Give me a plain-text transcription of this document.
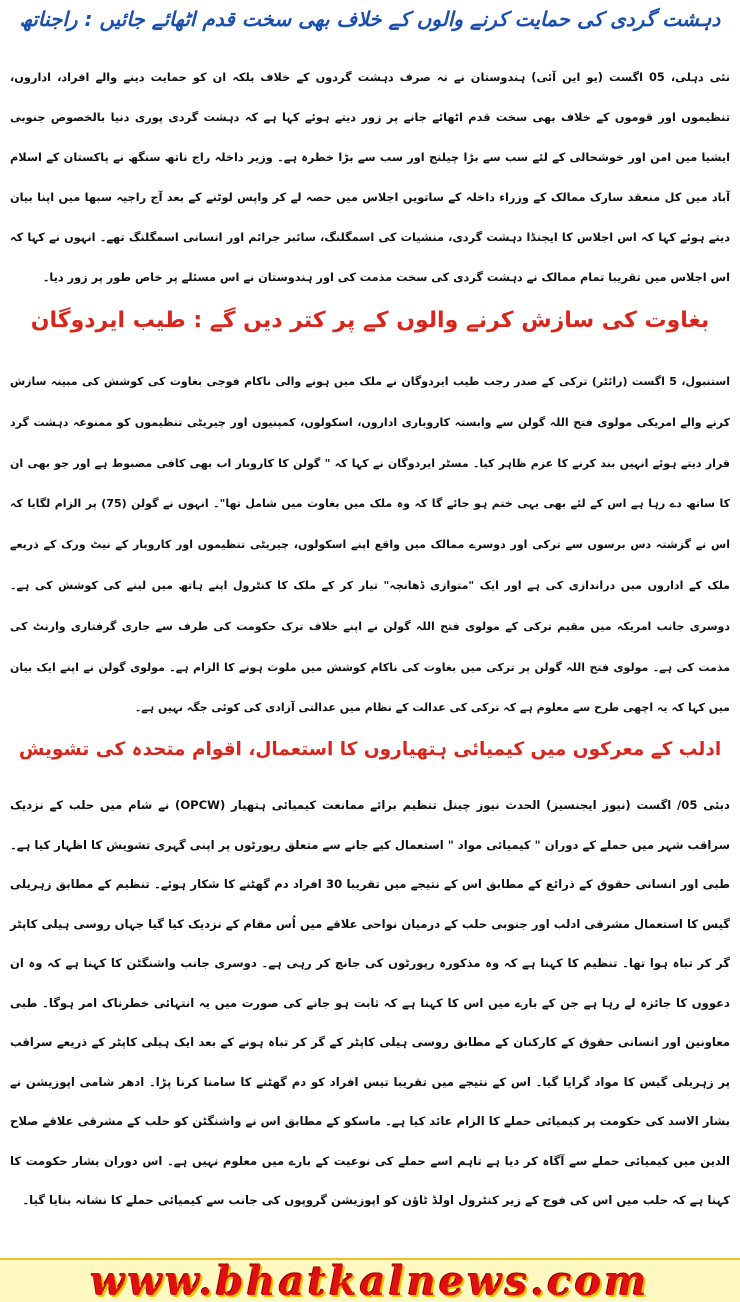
دہشت گردی کی حمایت کرنے والوں کے خلاف بھی سخت قدم اٹھائے جائیں : راجناتھ

نئی دہلی، 05 اگست (یو این آئی) ہندوستان نے نہ صرف دہشت گردوں کے خلاف بلکہ ان کو حمایت دینے والے افراد، اداروں، تنظیموں اور قوموں کے خلاف بھی سخت قدم اٹھائے جانے پر زور دیتے ہوئے کہا ہے کہ دہشت گردی پوری دنیا بالخصوص جنوبی ایشیا میں امن اور خوشحالی کے لئے سب سے بڑا چیلنج اور سب سے بڑا خطرہ ہے۔ وزیر داخلہ راج ناتھ سنگھ نے پاکستان کے اسلام آباد میں کل منعقد سارک ممالک کے وزراء داخلہ کے ساتویں اجلاس میں حصہ لے کر واپس لوٹنے کے بعد آج راجیہ سبھا میں اپنا بیان دیتے ہوئے کہا کہ اس اجلاس کا ایجنڈا دہشت گردی، منشیات کی اسمگلنگ، سائبر جرائم اور انسانی اسمگلنگ تھے۔ انہوں نے کہا کہ اس اجلاس میں تقریبا تمام ممالک نے دہشت گردی کی سخت مذمت کی اور ہندوستان نے اس مسئلے پر خاص طور پر زور دیا۔

بغاوت کی سازش کرنے والوں کے پر کتر دیں گے : طیب ایردوگان

استنبول، 5 اگست (رائٹر) ترکی کے صدر رجب طیب ایردوگان نے ملک میں ہونے والی ناکام فوجی بغاوت کی کوشش کی مبینہ سازش کرنے والے امریکی مولوی فتح اللہ گولن سے وابستہ کاروباری اداروں، اسکولوں، کمپنیوں اور چیریٹی تنظیموں کو ممنوعہ دہشت گرد قرار دیتے ہوئے انہیں بند کرنے کا عزم ظاہر کیا۔ مسٹر ایردوگان نے کہا کہ " گولن کا کاروبار اب بھی کافی مضبوط ہے اور جو بھی ان کا ساتھ دے رہا ہے اس کے لئے بھی یہی ختم ہو جائے گا کہ وہ ملک میں بغاوت میں شامل تھا"۔ انہوں نے گولن (75) پر الزام لگایا کہ اس نے گزشتہ دس برسوں سے ترکی اور دوسرے ممالک میں واقع اپنے اسکولوں، چیریٹی تنظیموں اور کاروبار کے نیٹ ورک کے ذریعے ملک کے اداروں میں دراندازی کی ہے اور ایک "متوازی ڈھانچہ" تیار کر کے ملک کا کنٹرول اپنے ہاتھ میں لینے کی کوشش کی ہے۔ دوسری جانب امریکہ میں مقیم ترکی کے مولوی فتح اللہ گولن نے اپنے خلاف ترک حکومت کی طرف سے جاری گرفتاری وارنٹ کی مذمت کی ہے۔ مولوی فتح اللہ گولن پر ترکی میں بغاوت کی ناکام کوشش میں ملوث ہونے کا الزام ہے۔ مولوی گولن نے اپنے ایک بیان میں کہا کہ یہ اچھی طرح سے معلوم ہے کہ ترکی کی عدالت کے نظام میں عدالتی آزادی کی کوئی جگہ نہیں ہے۔

ادلب کے معرکوں میں کیمیائی ہتھیاروں کا استعمال، اقوام متحدہ کی تشویش

دبئی 05/ اگست (نیوز ایجنسیز) الحدث نیوز چینل تنظیم برائے ممانعت کیمیائی ہتھیار (OPCW) نے شام میں حلب کے نزدیک سراقب شہر میں حملے کے دوران " کیمیائی مواد " استعمال کیے جانے سے متعلق رپورٹوں پر اپنی گہری تشویش کا اظہار کیا ہے۔ طبی اور انسانی حقوق کے ذرائع کے مطابق اس کے نتیجے میں تقریبا 30 افراد دم گھٹنے کا شکار ہوئے۔ تنظیم کے مطابق زہریلی گیس کا استعمال مشرقی ادلب اور جنوبی حلب کے درمیان نواحی علاقے میں اُس مقام کے نزدیک کیا گیا جہاں روسی ہیلی کاپٹر گر کر تباہ ہوا تھا۔ تنظیم کا کہنا ہے کہ وہ مذکورہ رپورٹوں کی جانچ کر رہی ہے۔ دوسری جانب واشنگٹن کا کہنا ہے کہ وہ ان دعووں کا جائزہ لے رہا ہے جن کے بارے میں اس کا کہنا ہے کہ ثابت ہو جانے کی صورت میں یہ انتہائی خطرناک امر ہوگا۔ طبی معاونین اور انسانی حقوق کے کارکنان کے مطابق روسی ہیلی کاپٹر کے گر کر تباہ ہونے کے بعد ایک ہیلی کاپٹر کے ذریعے سراقب پر زہریلی گیس کا مواد گرایا گیا۔ اس کے نتیجے میں تقریبا تیس افراد کو دم گھٹنے کا سامنا کرنا پڑا۔ ادھر شامی اپوزیشن نے بشار الاسد کی حکومت پر کیمیائی حملے کا الزام عائد کیا ہے۔ ماسکو کے مطابق اس نے واشنگٹن کو حلب کے مشرقی علاقے صلاح الدین میں کیمیائی حملے سے آگاہ کر دیا ہے تاہم اسے حملے کی نوعیت کے بارے میں معلوم نہیں ہے۔ اس دوران بشار حکومت کا کہنا ہے کہ حلب میں اس کی فوج کے زیر کنٹرول اولڈ ٹاؤن کو اپوزیشن گروپوں کی جانب سے کیمیائی حملے کا نشانہ بنایا گیا۔

www.bhatkalnews.com
